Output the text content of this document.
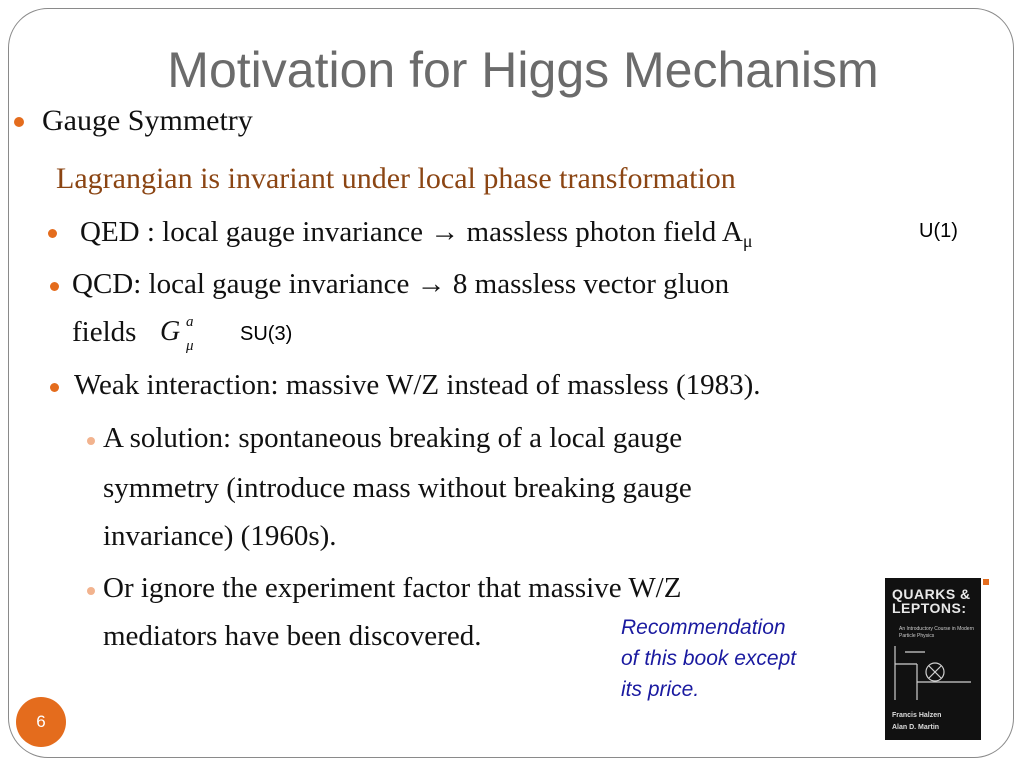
Motivation for Higgs Mechanism
Gauge Symmetry
Lagrangian is invariant under local phase transformation
QED : local gauge invariance → massless photon field $A_\mu$	U(1)
QCD: local gauge invariance → 8 massless vector gluon
fields G a
μ
SU(3)
Weak interaction: massive W/Z instead of massless (1983).
A solution: spontaneous breaking of a local gauge
symmetry (introduce mass without breaking gauge
invariance) (1960s).
Or ignore the experiment factor that massive W/Z
mediators have been discovered.	Recommendation
of this book except
its price.
QUARKS &
LEPTONS:
An Introductory Course in Modern Particle Physics
Francis Halzen
Alan D. Martin
6
